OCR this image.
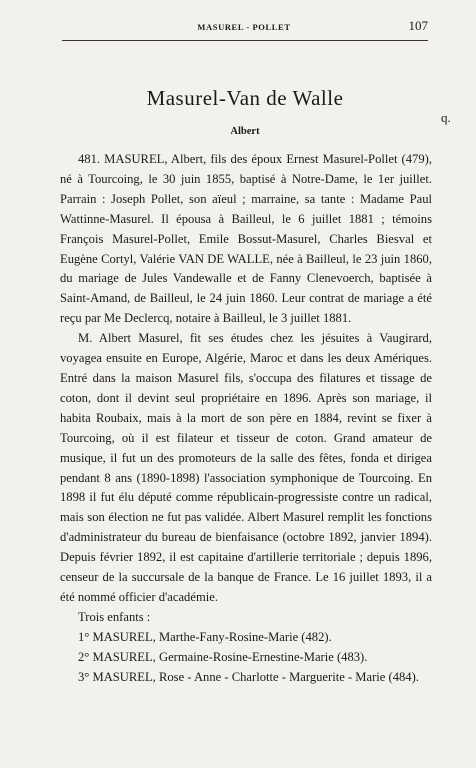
MASUREL - POLLET	107
Masurel-Van de Walle
Albert
q.

481. MASUREL, Albert, fils des époux Ernest Masurel-Pollet (479), né à Tourcoing, le 30 juin 1855, baptisé à Notre-Dame, le 1er juillet. Parrain : Joseph Pollet, son aïeul ; marraine, sa tante : Madame Paul Wattinne-Masurel. Il épousa à Bailleul, le 6 juillet 1881 ; témoins François Masurel-Pollet, Emile Bossut-Masurel, Charles Biesval et Eugène Cortyl, Valérie VAN DE WALLE, née à Bailleul, le 23 juin 1860, du mariage de Jules Vandewalle et de Fanny Clenevoerch, baptisée à Saint-Amand, de Bailleul, le 24 juin 1860. Leur contrat de mariage a été reçu par Me Declercq, notaire à Bailleul, le 3 juillet 1881.

M. Albert Masurel, fit ses études chez les jésuites à Vaugirard, voyagea ensuite en Europe, Algérie, Maroc et dans les deux Amériques. Entré dans la maison Masurel fils, s'occupa des filatures et tissage de coton, dont il devint seul propriétaire en 1896. Après son mariage, il habita Roubaix, mais à la mort de son père en 1884, revint se fixer à Tourcoing, où il est filateur et tisseur de coton. Grand amateur de musique, il fut un des promoteurs de la salle des fêtes, fonda et dirigea pendant 8 ans (1890-1898) l'association symphonique de Tourcoing. En 1898 il fut élu député comme républicain-progressiste contre un radical, mais son élection ne fut pas validée. Albert Masurel remplit les fonctions d'administrateur du bureau de bienfaisance (octobre 1892, janvier 1894). Depuis février 1892, il est capitaine d'artillerie territoriale ; depuis 1896, censeur de la succursale de la banque de France. Le 16 juillet 1893, il a été nommé officier d'académie.

Trois enfants :

1° MASUREL, Marthe-Fany-Rosine-Marie (482).

2° MASUREL, Germaine-Rosine-Ernestine-Marie (483).

3° MASUREL, Rose - Anne - Charlotte - Marguerite - Marie (484).
